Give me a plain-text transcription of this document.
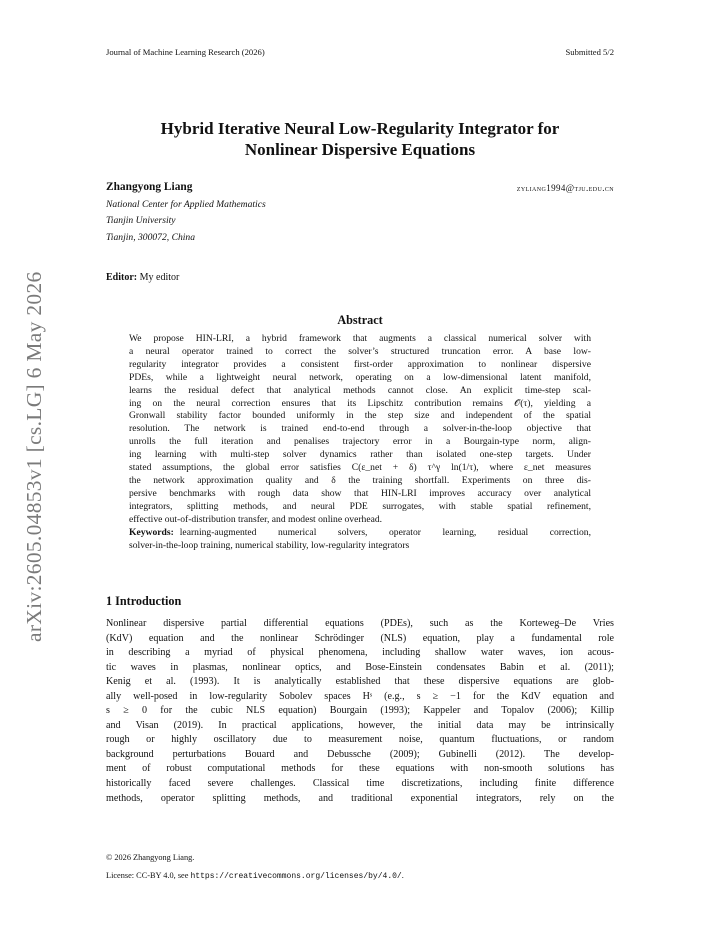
Journal of Machine Learning Research (2026)	Submitted 5/2
arXiv:2605.04853v1 [cs.LG] 6 May 2026
Hybrid Iterative Neural Low-Regularity Integrator for
Nonlinear Dispersive Equations
Zhangyong Liang	zyliang1994@tju.edu.cn
National Center for Applied Mathematics
Tianjin University
Tianjin, 300072, China
Editor: My editor
Abstract
We propose HIN-LRI, a hybrid framework that augments a classical numerical solver with
a neural operator trained to correct the solver’s structured truncation error. A base low-
regularity integrator provides a consistent first-order approximation to nonlinear dispersive
PDEs, while a lightweight neural network, operating on a low-dimensional latent manifold,
learns the residual defect that analytical methods cannot close. An explicit time-step scal-
ing on the neural correction ensures that its Lipschitz contribution remains 𝒪(τ), yielding a
Gronwall stability factor bounded uniformly in the step size and independent of the spatial
resolution. The network is trained end-to-end through a solver-in-the-loop objective that
unrolls the full iteration and penalises trajectory error in a Bourgain-type norm, align-
ing learning with multi-step solver dynamics rather than isolated one-step targets. Under
stated assumptions, the global error satisfies C(ε_net + δ) τ^γ ln(1/τ), where ε_net measures
the network approximation quality and δ the training shortfall. Experiments on three dis-
persive benchmarks with rough data show that HIN-LRI improves accuracy over analytical
integrators, splitting methods, and neural PDE surrogates, with stable spatial refinement,
effective out-of-distribution transfer, and modest online overhead.
Keywords: learning-augmented numerical solvers, operator learning, residual correction,
solver-in-the-loop training, numerical stability, low-regularity integrators
1 Introduction
Nonlinear dispersive partial differential equations (PDEs), such as the Korteweg–De Vries
(KdV) equation and the nonlinear Schrödinger (NLS) equation, play a fundamental role
in describing a myriad of physical phenomena, including shallow water waves, ion acous-
tic waves in plasmas, nonlinear optics, and Bose-Einstein condensates Babin et al. (2011);
Kenig et al. (1993). It is analytically established that these dispersive equations are glob-
ally well-posed in low-regularity Sobolev spaces Hˢ (e.g., s ≥ −1 for the KdV equation and
s ≥ 0 for the cubic NLS equation) Bourgain (1993); Kappeler and Topalov (2006); Killip
and Visan (2019). In practical applications, however, the initial data may be intrinsically
rough or highly oscillatory due to measurement noise, quantum fluctuations, or random
background perturbations Bouard and Debussche (2009); Gubinelli (2012). The develop-
ment of robust computational methods for these equations with non-smooth solutions has
historically faced severe challenges. Classical time discretizations, including finite difference
methods, operator splitting methods, and traditional exponential integrators, rely on the
© 2026 Zhangyong Liang.
License: CC-BY 4.0, see https://creativecommons.org/licenses/by/4.0/.
